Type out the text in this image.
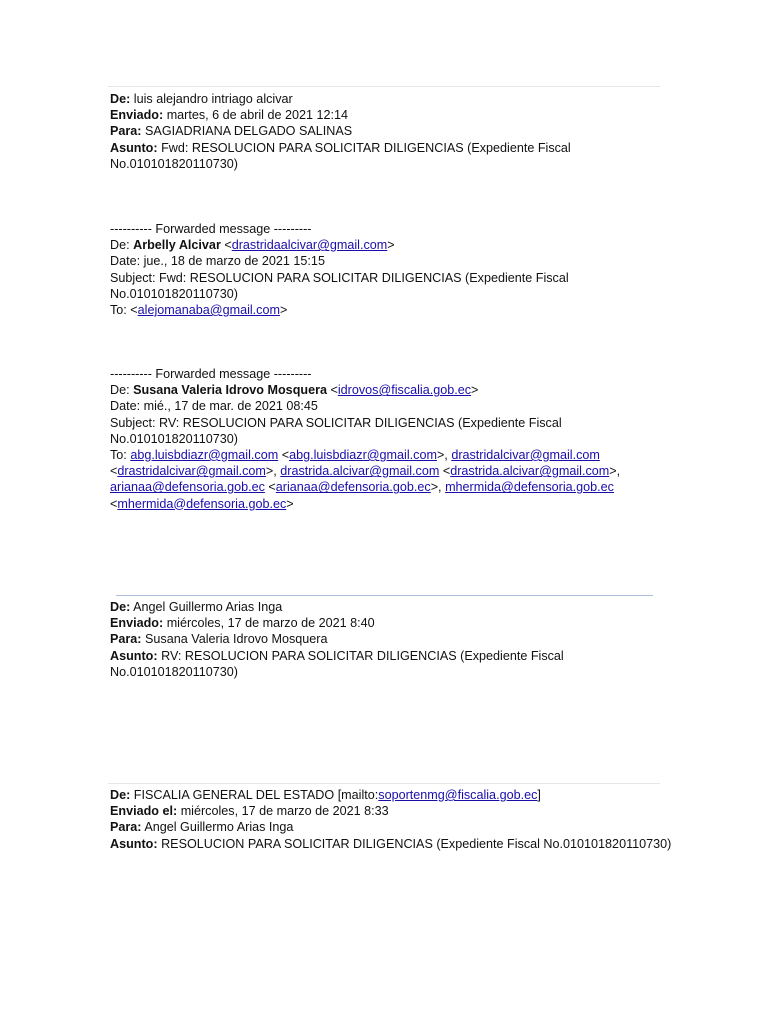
De: luis alejandro intriago alcivar
Enviado: martes, 6 de abril de 2021 12:14
Para: SAGIADRIANA DELGADO SALINAS
Asunto: Fwd: RESOLUCION PARA SOLICITAR DILIGENCIAS (Expediente Fiscal
No.010101820110730)
---------- Forwarded message ---------
De: Arbelly Alcivar <drastridaalcivar@gmail.com>
Date: jue., 18 de marzo de 2021 15:15
Subject: Fwd: RESOLUCION PARA SOLICITAR DILIGENCIAS (Expediente Fiscal
No.010101820110730)
To: <alejomanaba@gmail.com>
---------- Forwarded message ---------
De: Susana Valeria Idrovo Mosquera <idrovos@fiscalia.gob.ec>
Date: mié., 17 de mar. de 2021 08:45
Subject: RV: RESOLUCION PARA SOLICITAR DILIGENCIAS (Expediente Fiscal
No.010101820110730)
To: abg.luisbdiazr@gmail.com <abg.luisbdiazr@gmail.com>, drastridalcivar@gmail.com
<drastridalcivar@gmail.com>, drastrida.alcivar@gmail.com <drastrida.alcivar@gmail.com>,
arianaa@defensoria.gob.ec <arianaa@defensoria.gob.ec>, mhermida@defensoria.gob.ec
<mhermida@defensoria.gob.ec>
De: Angel Guillermo Arias Inga
Enviado: miércoles, 17 de marzo de 2021 8:40
Para: Susana Valeria Idrovo Mosquera
Asunto: RV: RESOLUCION PARA SOLICITAR DILIGENCIAS (Expediente Fiscal
No.010101820110730)
De: FISCALIA GENERAL DEL ESTADO [mailto:soportenmg@fiscalia.gob.ec]
Enviado el: miércoles, 17 de marzo de 2021 8:33
Para: Angel Guillermo Arias Inga
Asunto: RESOLUCION PARA SOLICITAR DILIGENCIAS (Expediente Fiscal No.010101820110730)
